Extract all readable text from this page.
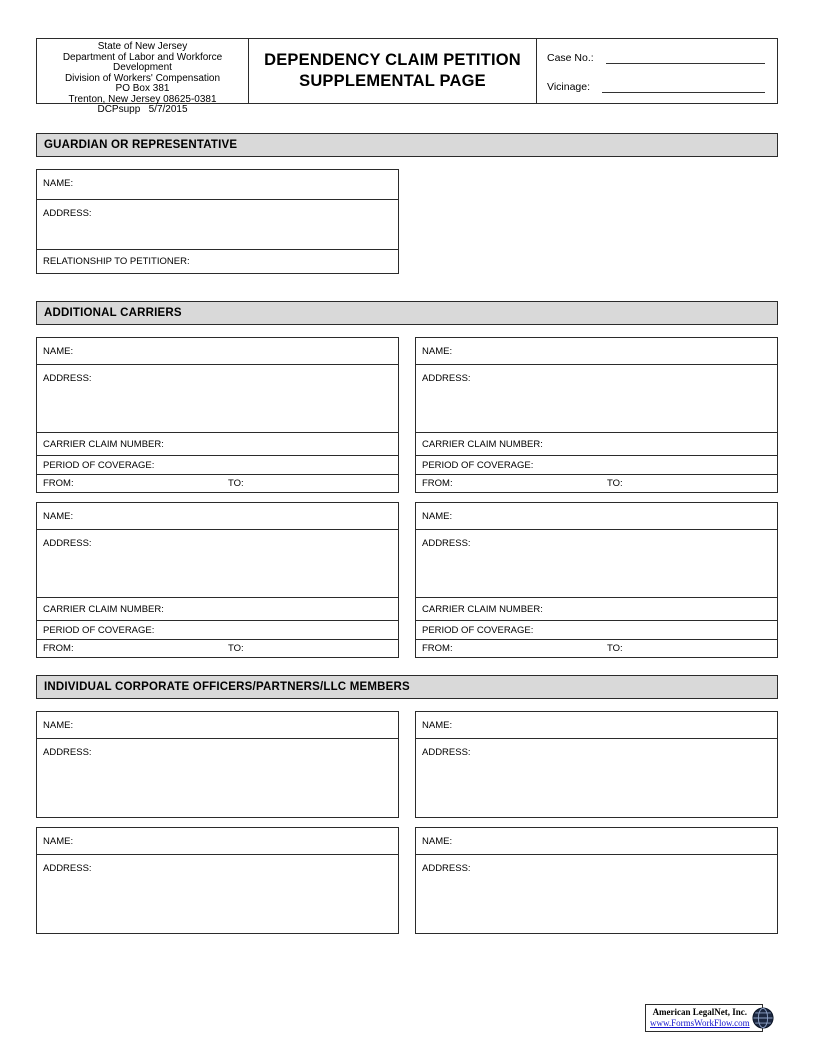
State of New Jersey
Department of Labor and Workforce Development
Division of Workers' Compensation
PO Box 381
Trenton, New Jersey 08625-0381
DCPsupp   5/7/2015
DEPENDENCY CLAIM PETITION
SUPPLEMENTAL PAGE
Case No.:
Vicinage:
GUARDIAN OR REPRESENTATIVE
NAME:
ADDRESS:
RELATIONSHIP TO PETITIONER:
ADDITIONAL CARRIERS
NAME:
ADDRESS:
CARRIER CLAIM NUMBER:
PERIOD OF COVERAGE:
FROM:	TO:
NAME:
ADDRESS:
CARRIER CLAIM NUMBER:
PERIOD OF COVERAGE:
FROM:	TO:
NAME:
ADDRESS:
CARRIER CLAIM NUMBER:
PERIOD OF COVERAGE:
FROM:	TO:
NAME:
ADDRESS:
CARRIER CLAIM NUMBER:
PERIOD OF COVERAGE:
FROM:	TO:
INDIVIDUAL CORPORATE OFFICERS/PARTNERS/LLC MEMBERS
NAME:
ADDRESS:
NAME:
ADDRESS:
NAME:
ADDRESS:
NAME:
ADDRESS:
American LegalNet, Inc.
www.FormsWorkFlow.com
